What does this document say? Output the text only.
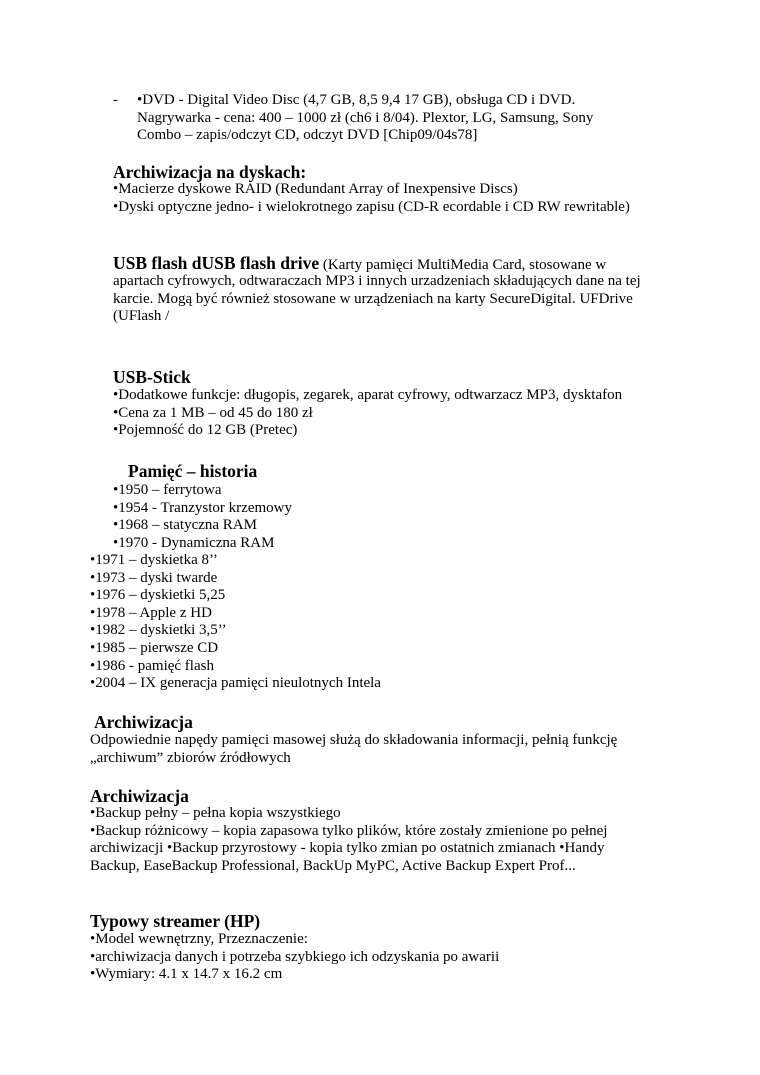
- •DVD - Digital Video Disc (4,7 GB, 8,5 9,4 17 GB), obsługa CD i DVD.
Nagrywarka - cena: 400 – 1000 zł (ch6 i 8/04). Plextor, LG, Samsung, Sony
Combo – zapis/odczyt CD, odczyt DVD [Chip09/04s78]
Archiwizacja na dyskach:
•Macierze dyskowe RAID (Redundant Array of Inexpensive Discs)
•Dyski optyczne jedno- i wielokrotnego zapisu (CD-R ecordable i CD RW rewritable)
USB flash dUSB flash drive (Karty pamięci MultiMedia Card, stosowane w
apartach cyfrowych, odtwaraczach MP3 i innych urzadzeniach składujących dane na tej
karcie. Mogą być również stosowane w urządzeniach na karty SecureDigital. UFDrive
(UFlash /
USB-Stick
•Dodatkowe funkcje: długopis, zegarek, aparat cyfrowy, odtwarzacz MP3, dysktafon
•Cena za 1 MB – od 45 do 180 zł
•Pojemność do 12 GB (Pretec)
Pamięć – historia
•1950 – ferrytowa
•1954 - Tranzystor krzemowy
•1968 – statyczna RAM
•1970 - Dynamiczna RAM
•1971 – dyskietka 8’’
•1973 – dyski twarde
•1976 – dyskietki 5,25
•1978 – Apple z HD
•1982 – dyskietki 3,5’’
•1985 – pierwsze CD
•1986 - pamięć flash
•2004 – IX generacja pamięci nieulotnych Intela
Archiwizacja
Odpowiednie napędy pamięci masowej służą do składowania informacji, pełnią funkcję
„archiwum” zbiorów źródłowych
Archiwizacja
•Backup pełny – pełna kopia wszystkiego
•Backup różnicowy – kopia zapasowa tylko plików, które zostały zmienione po pełnej
archiwizacji •Backup przyrostowy - kopia tylko zmian po ostatnich zmianach •Handy
Backup, EaseBackup Professional, BackUp MyPC, Active Backup Expert Prof...
Typowy streamer (HP)
•Model wewnętrzny, Przeznaczenie:
•archiwizacja danych i potrzeba szybkiego ich odzyskania po awarii
•Wymiary: 4.1 x 14.7 x 16.2 cm
